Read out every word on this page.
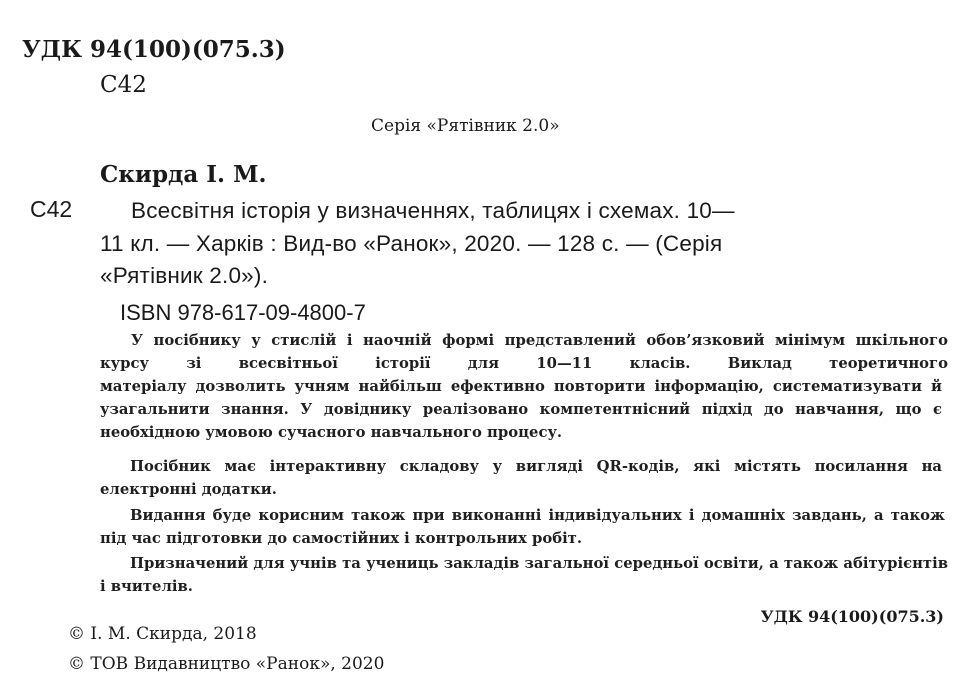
УДК 94(100)(075.3)
С42
Серія «Рятівник 2.0»
Скирда І. М.
С42	Всесвітня історія у визначеннях, таблицях і схемах. 10—
11 кл. — Харків : Вид-во «Ранок», 2020. — 128 с. — (Серія
«Рятівник 2.0»).
ISBN 978-617-09-4800-7
У посібнику у стислій і наочній формі представлений обов’язковий мінімум шкільного курсу зі всесвітньої історії для 10—11 класів. Виклад теоретичного
матеріалу дозволить учням найбільш ефективно повторити інформацію, систематизувати й узагальнити знання. У довіднику реалізовано компетентнісний підхід до навчання, що є необхідною умовою сучасного навчального процесу.
Посібник має інтерактивну складову у вигляді QR-кодів, які містять посилання на електронні додатки.
Видання буде корисним також при виконанні індивідуальних і домашніх завдань, а також під час підготовки до самостійних і контрольних робіт.
Призначений для учнів та учениць закладів загальної середньої освіти, а також абітурієнтів і вчителів.
УДК 94(100)(075.3)
© І. М. Скирда, 2018
© ТОВ Видавництво «Ранок», 2020
